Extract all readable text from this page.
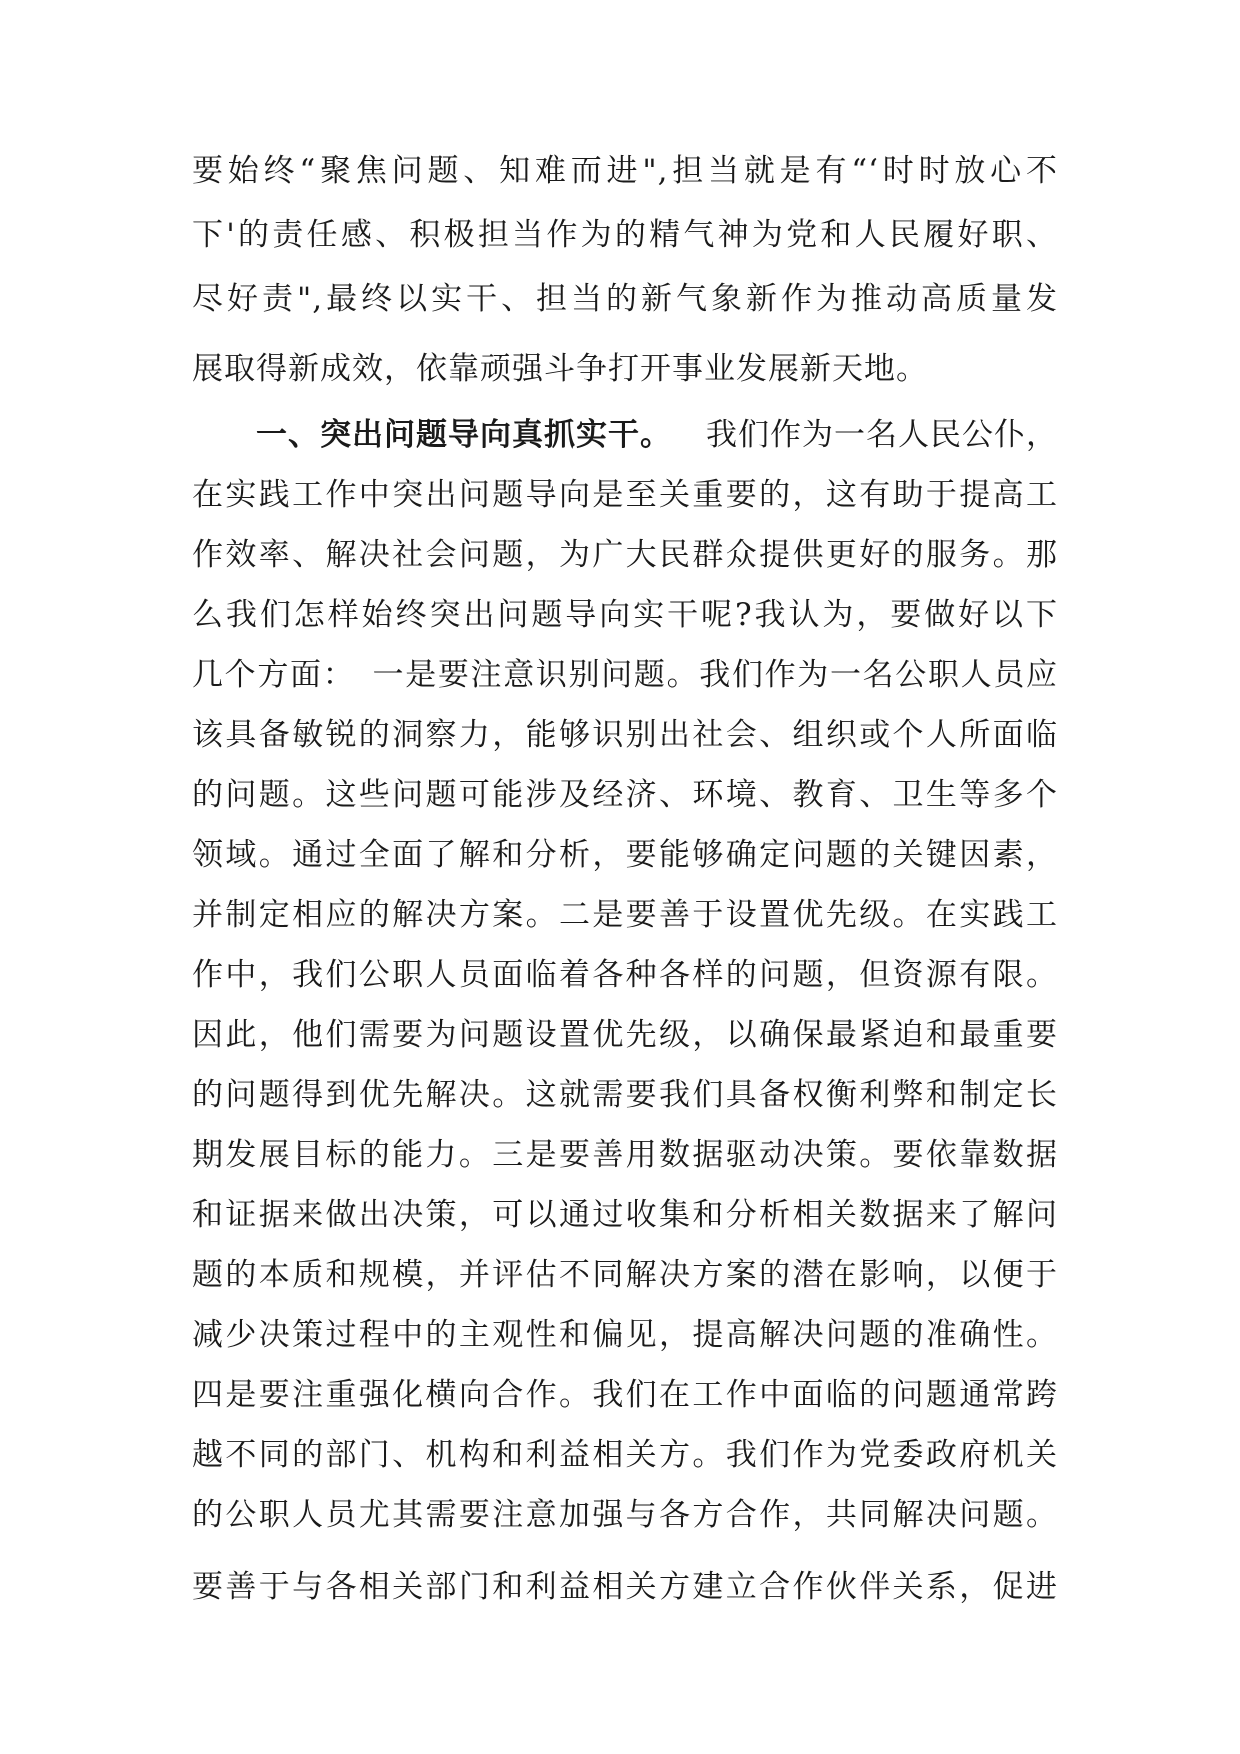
要始终“聚焦问题、知难而进",担当就是有“‘时时放心不
下'的责任感、积极担当作为的精气神为党和人民履好职、
尽好责",最终以实干、担当的新气象新作为推动高质量发
展取得新成效，依靠顽强斗争打开事业发展新天地。
一、突出问题导向真抓实干。 我们作为一名人民公仆，
在实践工作中突出问题导向是至关重要的，这有助于提高工
作效率、解决社会问题，为广大民群众提供更好的服务。那
么我们怎样始终突出问题导向实干呢?我认为，要做好以下
几个方面：　一是要注意识别问题。我们作为一名公职人员应
该具备敏锐的洞察力，能够识别出社会、组织或个人所面临
的问题。这些问题可能涉及经济、环境、教育、卫生等多个
领域。通过全面了解和分析，要能够确定问题的关键因素，
并制定相应的解决方案。二是要善于设置优先级。在实践工
作中，我们公职人员面临着各种各样的问题，但资源有限。
因此，他们需要为问题设置优先级，以确保最紧迫和最重要
的问题得到优先解决。这就需要我们具备权衡利弊和制定长
期发展目标的能力。三是要善用数据驱动决策。要依靠数据
和证据来做出决策，可以通过收集和分析相关数据来了解问
题的本质和规模，并评估不同解决方案的潜在影响，以便于
减少决策过程中的主观性和偏见，提高解决问题的准确性。
四是要注重强化横向合作。我们在工作中面临的问题通常跨
越不同的部门、机构和利益相关方。我们作为党委政府机关
的公职人员尤其需要注意加强与各方合作，共同解决问题。
要善于与各相关部门和利益相关方建立合作伙伴关系，促进
